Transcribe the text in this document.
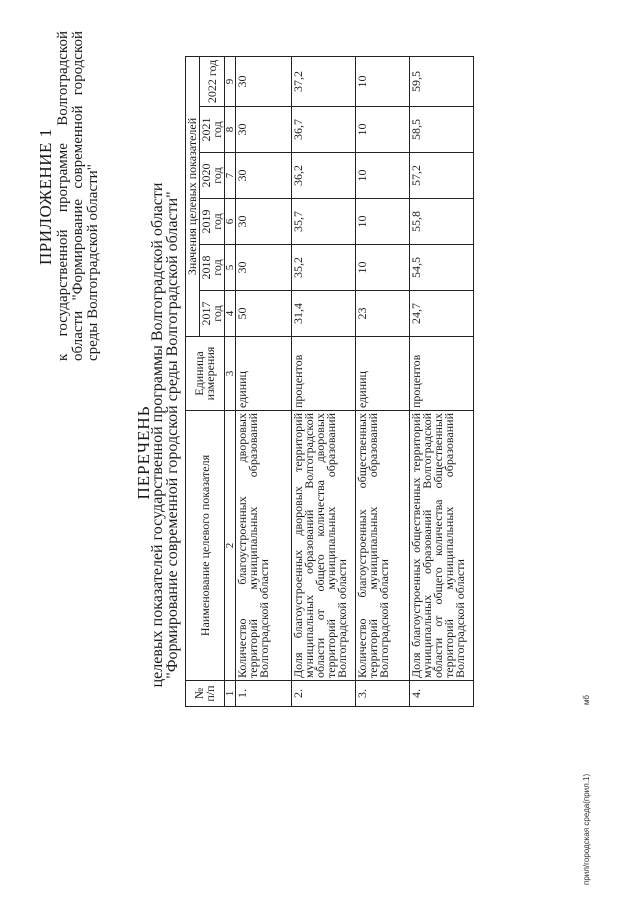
ПРИЛОЖЕНИЕ 1 к государственной программе Волгоградской области "Формирование современной городской среды Волгоградской области"
ПЕРЕЧЕНЬ
целевых показателей государственной программы Волгоградской области "Формирование современной городской среды Волгоградской области"
№ п/п	Наименование целевого показателя	Единица измерения	Значения целевых показателей					
			2017 год	2018 год	2019 год	2020 год	2021 год	2022 год
1	2	3	4	5	6	7	8	9
1.	Количество благоустроенных дворовых территорий муниципальных образований Волгоградской области	единиц	50	30	30	30	30	30
2.	Доля благоустроенных дворовых территорий муниципальных образований Волгоградской области от общего количества дворовых территорий муниципальных образований Волгоградской области	процентов	31,4	35,2	35,7	36,2	36,7	37,2
3.	Количество благоустроенных общественных территорий муниципальных образований Волгоградской области	единиц	23	10	10	10	10	10
4.	Доля благоустроенных общественных территорий муниципальных образований Волгоградской области от общего количества общественных территорий муниципальных образований Волгоградской области	процентов	24,7	54,5	55,8	57,2	58,5	59,5
прил/городская среда(прил.1)
мб
